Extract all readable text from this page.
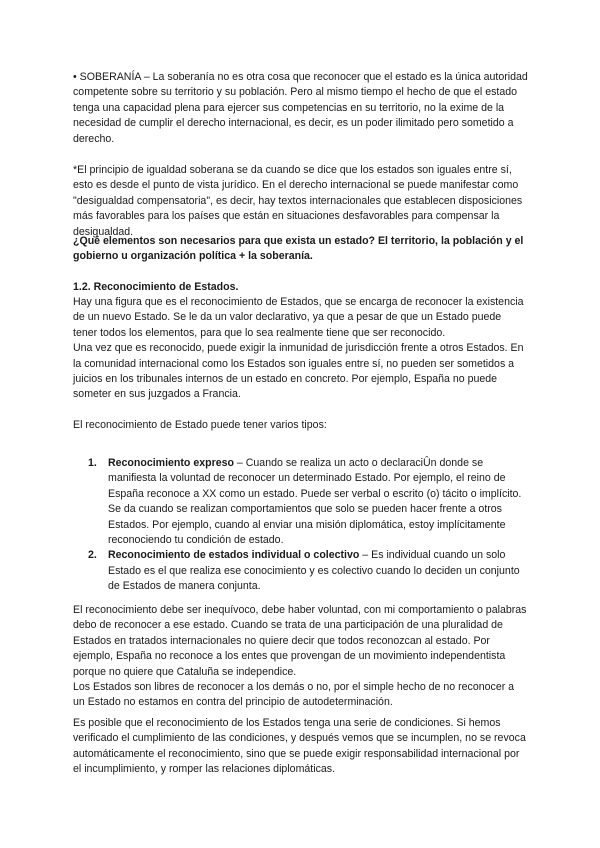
• SOBERANÍA – La soberanía no es otra cosa que reconocer que el estado es la única autoridad competente sobre su territorio y su población. Pero al mismo tiempo el hecho de que el estado tenga una capacidad plena para ejercer sus competencias en su territorio, no la exime de la necesidad de cumplir el derecho internacional, es decir, es un poder ilimitado pero sometido a derecho.

*El principio de igualdad soberana se da cuando se dice que los estados son iguales entre sí, esto es desde el punto de vista jurídico. En el derecho internacional se puede manifestar como "desigualdad compensatoria", es decir, hay textos internacionales que establecen disposiciones más favorables para los países que están en situaciones desfavorables para compensar la desigualdad.

¿Qué elementos son necesarios para que exista un estado? El territorio, la población y el gobierno u organización política + la soberanía.

1.2. Reconocimiento de Estados.

Hay una figura que es el reconocimiento de Estados, que se encarga de reconocer la existencia de un nuevo Estado. Se le da un valor declarativo, ya que a pesar de que un Estado puede tener todos los elementos, para que lo sea realmente tiene que ser reconocido.

Una vez que es reconocido, puede exigir la inmunidad de jurisdicción frente a otros Estados. En la comunidad internacional como los Estados son iguales entre sí, no pueden ser sometidos a juicios en los tribunales internos de un estado en concreto. Por ejemplo, España no puede someter en sus juzgados a Francia.

El reconocimiento de Estado puede tener varios tipos:

1. Reconocimiento expreso – Cuando se realiza un acto o declaraciÛn donde se manifiesta la voluntad de reconocer un determinado Estado. Por ejemplo, el reino de España reconoce a XX como un estado. Puede ser verbal o escrito (o) tácito o implícito. Se da cuando se realizan comportamientos que solo se pueden hacer frente a otros Estados. Por ejemplo, cuando al enviar una misión diplomática, estoy implícitamente reconociendo tu condición de estado.
2. Reconocimiento de estados individual o colectivo – Es individual cuando un solo Estado es el que realiza ese conocimiento y es colectivo cuando lo deciden un conjunto de Estados de manera conjunta.

El reconocimiento debe ser inequívoco, debe haber voluntad, con mi comportamiento o palabras debo de reconocer a ese estado. Cuando se trata de una participación de una pluralidad de Estados en tratados internacionales no quiere decir que todos reconozcan al estado. Por ejemplo, España no reconoce a los entes que provengan de un movimiento independentista porque no quiere que Cataluña se independice.

Los Estados son libres de reconocer a los demás o no, por el simple hecho de no reconocer a un Estado no estamos en contra del principio de autodeterminación.

Es posible que el reconocimiento de los Estados tenga una serie de condiciones. Si hemos verificado el cumplimiento de las condiciones, y después vemos que se incumplen, no se revoca automáticamente el reconocimiento, sino que se puede exigir responsabilidad internacional por el incumplimiento, y romper las relaciones diplomáticas.
